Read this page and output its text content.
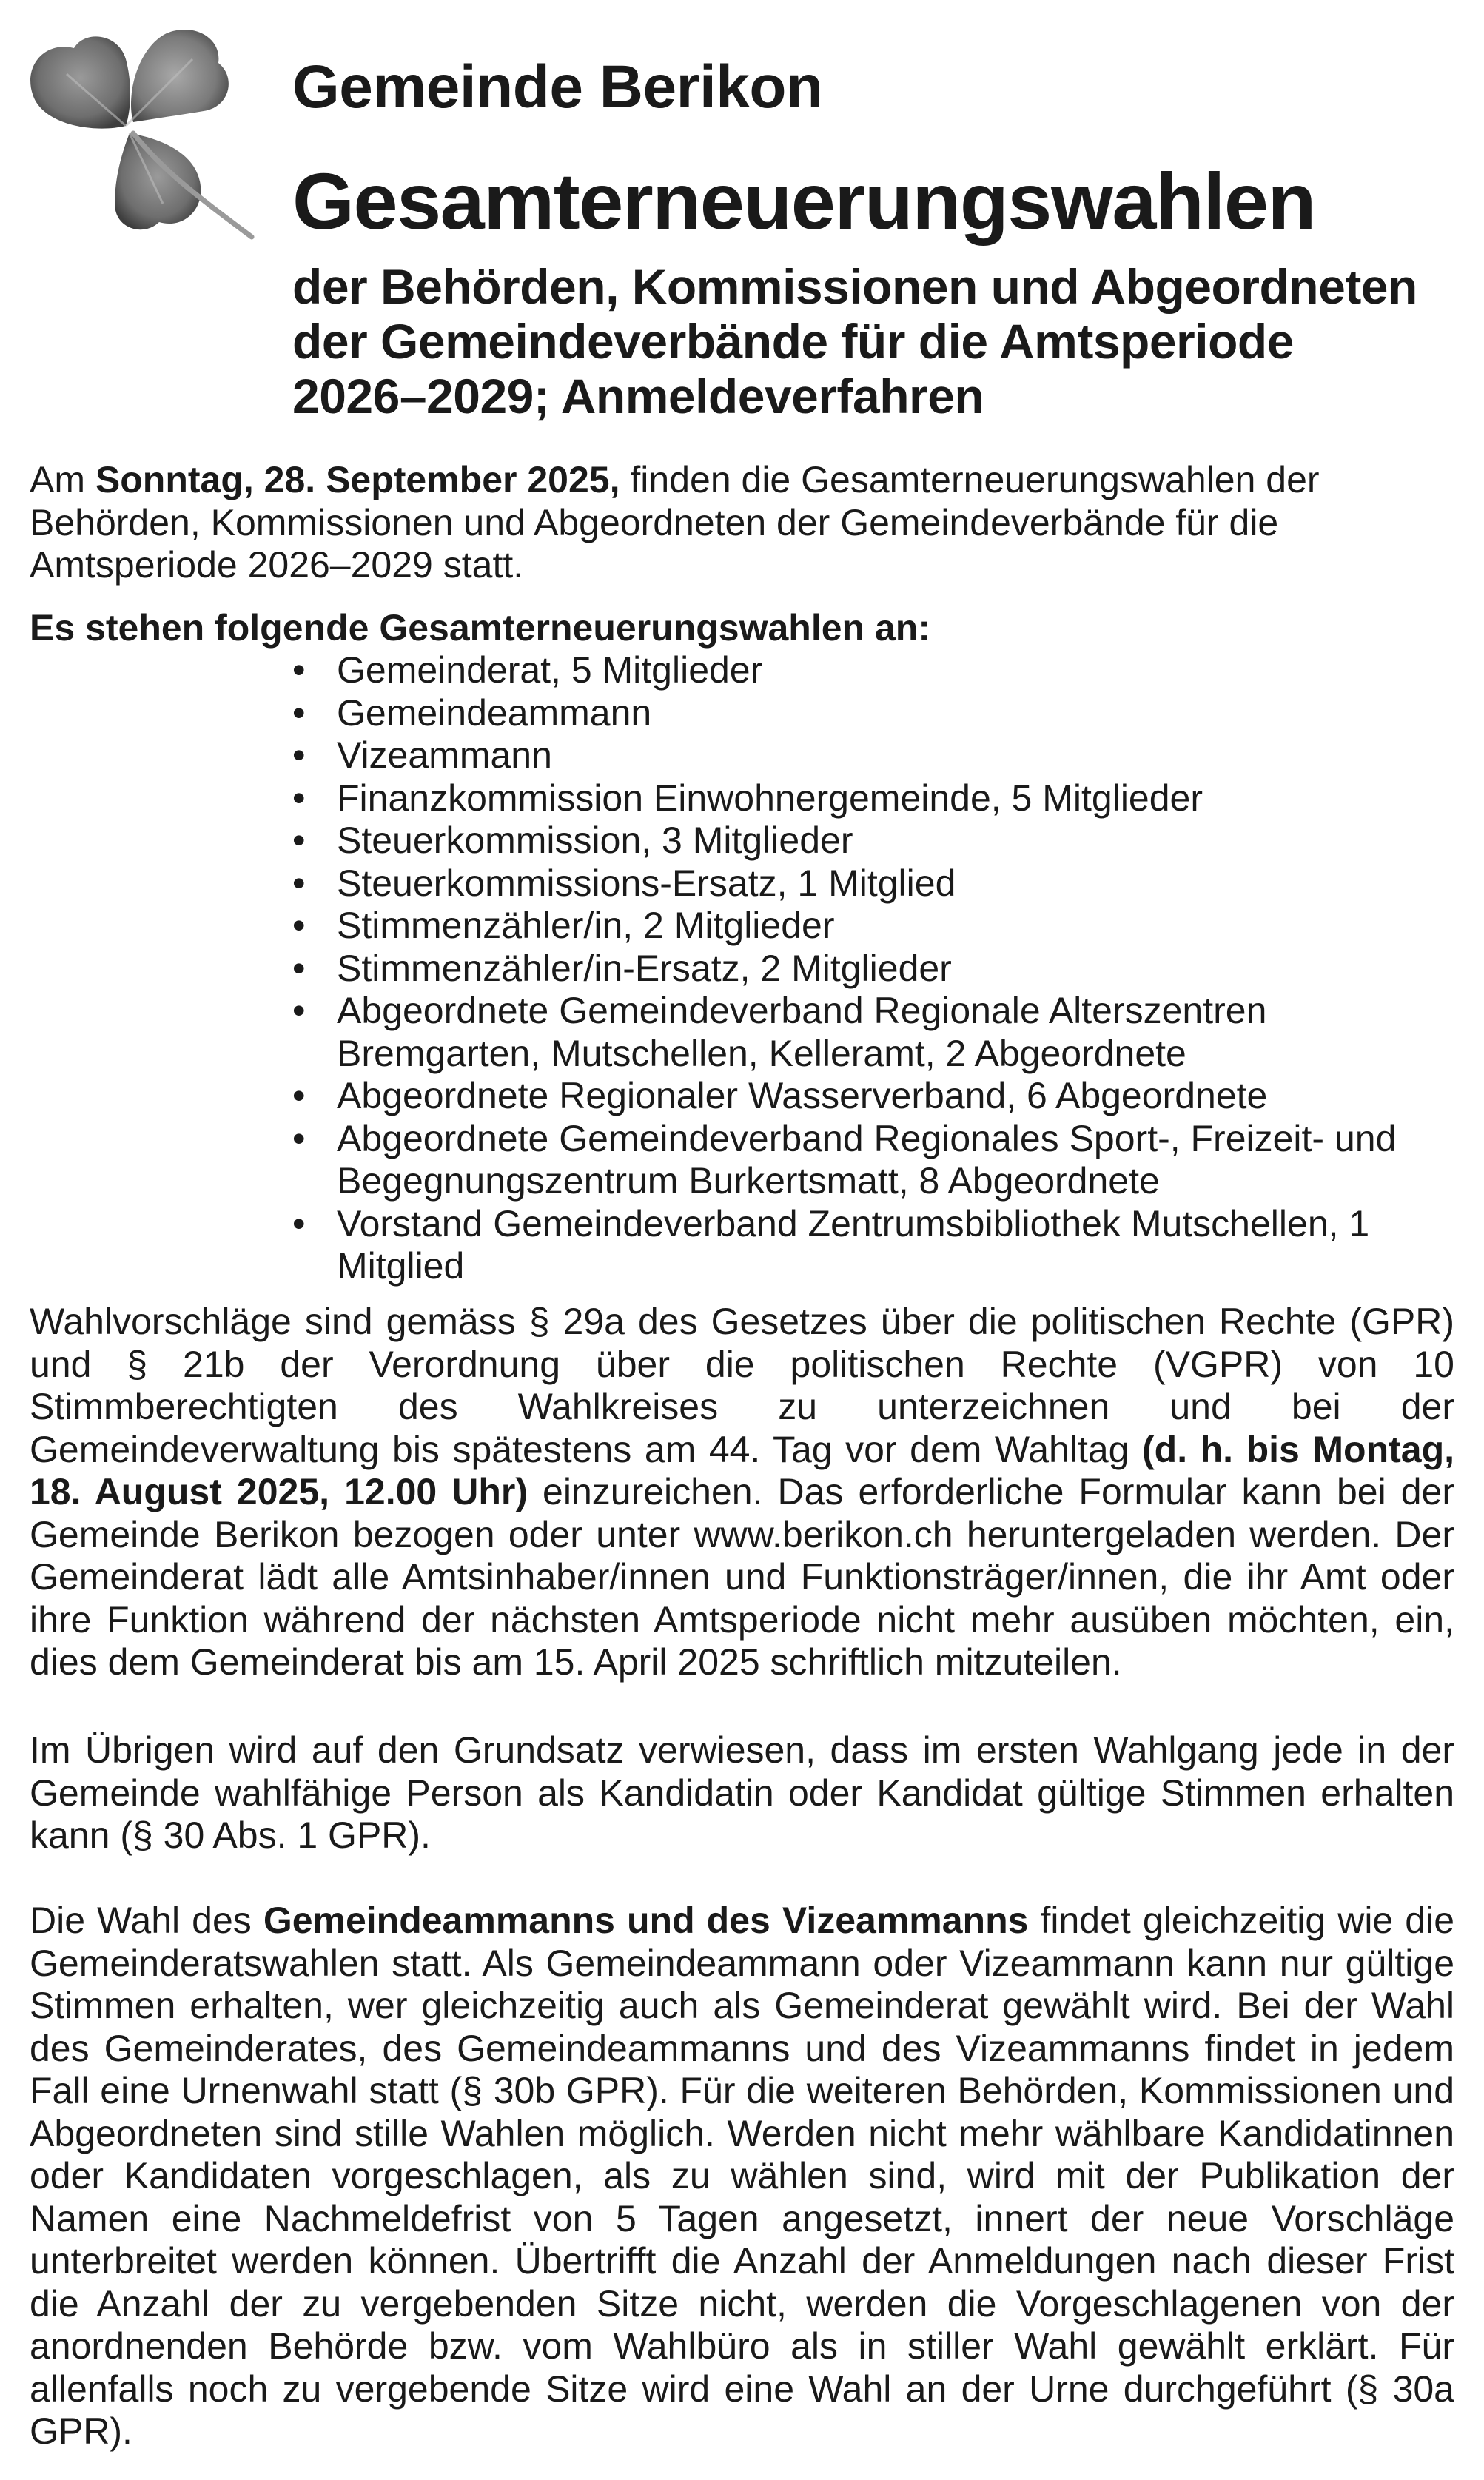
Gemeinde Berikon
Gesamterneuerungswahlen
der Behörden, Kommissionen und Abgeordneten der Gemeindeverbände für die Amtsperiode 2026–2029; Anmeldeverfahren
Am Sonntag, 28. September 2025, finden die Gesamterneuerungswahlen der Behörden, Kommissionen und Abgeordneten der Gemeindeverbände für die Amtsperiode 2026–2029 statt.
Es stehen folgende Gesamterneuerungswahlen an:
• Gemeinderat, 5 Mitglieder
• Gemeindeammann
• Vizeammann
• Finanzkommission Einwohnergemeinde, 5 Mitglieder
• Steuerkommission, 3 Mitglieder
• Steuerkommissions-Ersatz, 1 Mitglied
• Stimmenzähler/in, 2 Mitglieder
• Stimmenzähler/in-Ersatz, 2 Mitglieder
• Abgeordnete Gemeindeverband Regionale Alterszentren Bremgarten, Mutschellen, Kelleramt, 2 Abgeordnete
• Abgeordnete Regionaler Wasserverband, 6 Abgeordnete
• Abgeordnete Gemeindeverband Regionales Sport-, Freizeit- und Begegnungszentrum Burkertsmatt, 8 Abgeordnete
• Vorstand Gemeindeverband Zentrumsbibliothek Mutschellen, 1 Mitglied
Wahlvorschläge sind gemäss § 29a des Gesetzes über die politischen Rechte (GPR) und § 21b der Verordnung über die politischen Rechte (VGPR) von 10 Stimmberechtigten des Wahlkreises zu unterzeichnen und bei der Gemeindeverwaltung bis spätestens am 44. Tag vor dem Wahltag (d. h. bis Montag, 18. August 2025, 12.00 Uhr) einzureichen. Das erforderliche Formular kann bei der Gemeinde Berikon bezogen oder unter www.berikon.ch heruntergeladen werden. Der Gemeinderat lädt alle Amtsinhaber/innen und Funktionsträger/innen, die ihr Amt oder ihre Funktion während der nächsten Amtsperiode nicht mehr ausüben möchten, ein, dies dem Gemeinderat bis am 15. April 2025 schriftlich mitzuteilen.
Im Übrigen wird auf den Grundsatz verwiesen, dass im ersten Wahlgang jede in der Gemeinde wahlfähige Person als Kandidatin oder Kandidat gültige Stimmen erhalten kann (§ 30 Abs. 1 GPR).
Die Wahl des Gemeindeammanns und des Vizeammanns findet gleichzeitig wie die Gemeinderatswahlen statt. Als Gemeindeammann oder Vizeammann kann nur gültige Stimmen erhalten, wer gleichzeitig auch als Gemeinderat gewählt wird. Bei der Wahl des Gemeinderates, des Gemeindeammanns und des Vizeammanns findet in jedem Fall eine Urnenwahl statt (§ 30b GPR). Für die weiteren Behörden, Kommissionen und Abgeordneten sind stille Wahlen möglich. Werden nicht mehr wählbare Kandidatinnen oder Kandidaten vorgeschlagen, als zu wählen sind, wird mit der Publikation der Namen eine Nachmeldefrist von 5 Tagen angesetzt, innert der neue Vorschläge unterbreitet werden können. Übertrifft die Anzahl der Anmeldungen nach dieser Frist die Anzahl der zu vergebenden Sitze nicht, werden die Vorgeschlagenen von der anordnenden Behörde bzw. vom Wahlbüro als in stiller Wahl gewählt erklärt. Für allenfalls noch zu vergebende Sitze wird eine Wahl an der Urne durchgeführt (§ 30a GPR).
